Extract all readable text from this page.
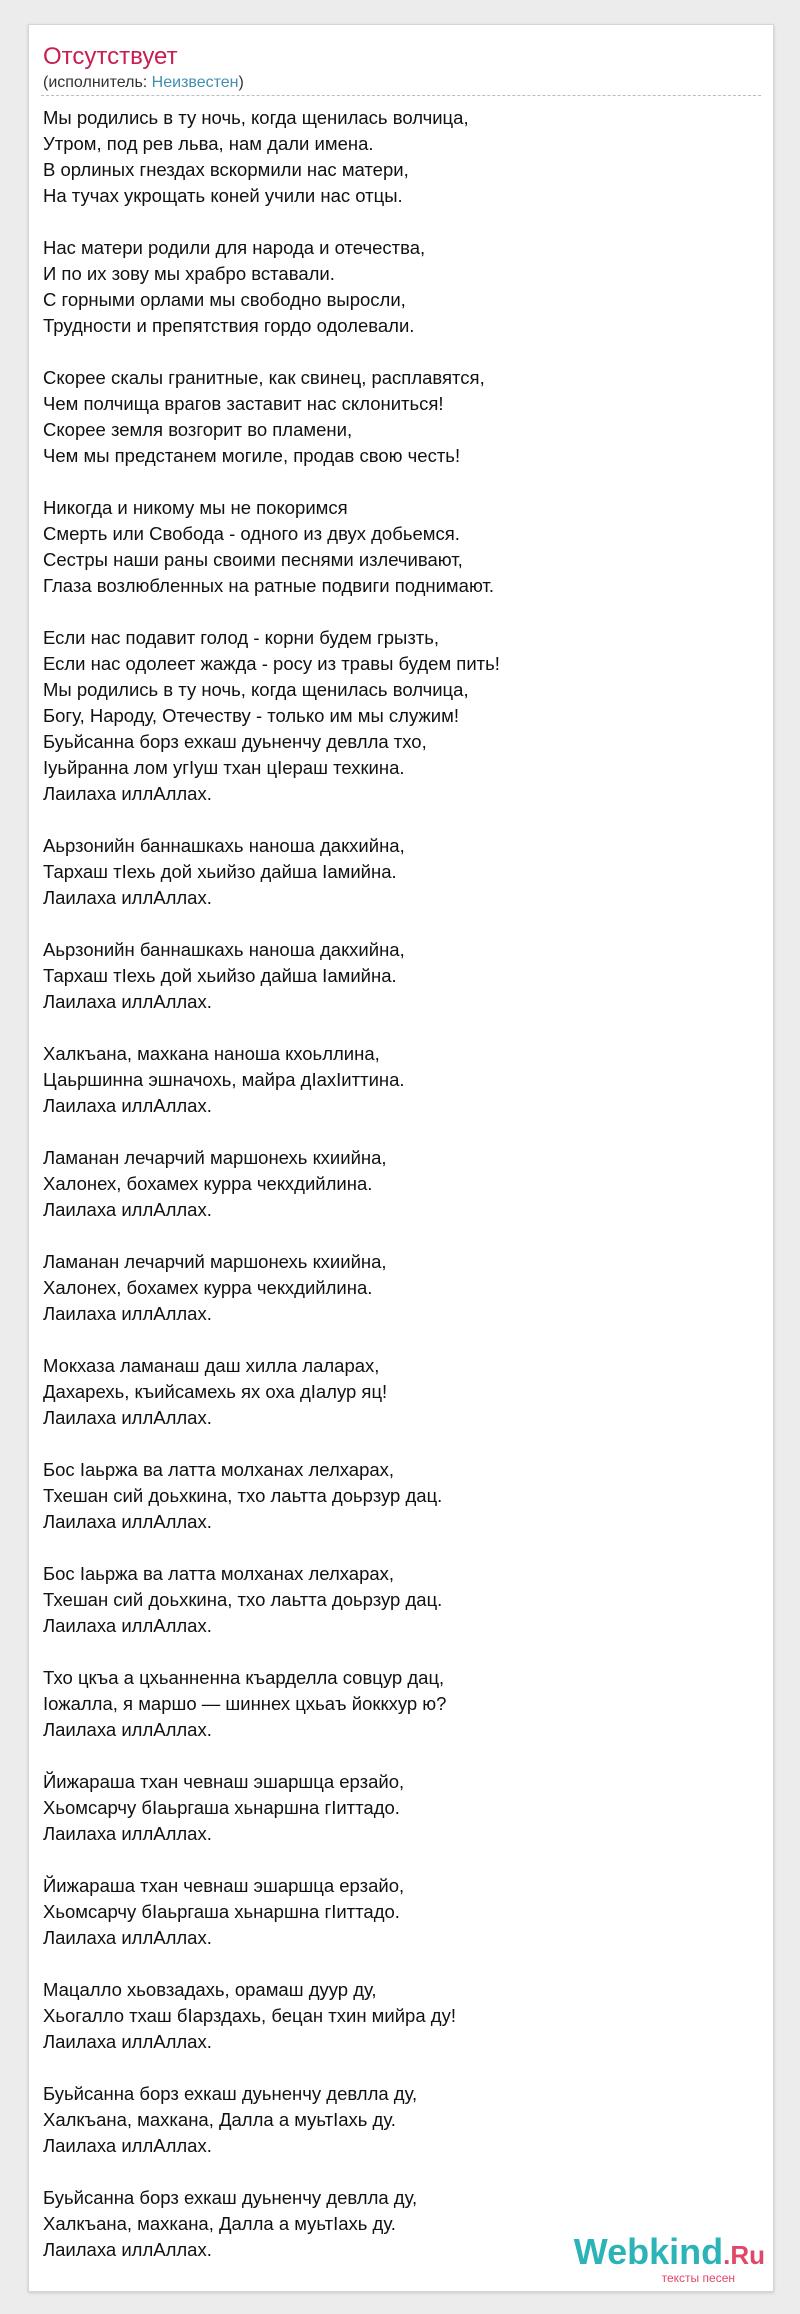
Отсутствует
(исполнитель: Неизвестен)
Мы родились в ту ночь, когда щенилась волчица,
Утром, под рев льва, нам дали имена.
В орлиных гнездах вскормили нас матери,
На тучах укрощать коней учили нас отцы.
Нас матери родили для народа и отечества,
И по их зову мы храбро вставали.
С горными орлами мы свободно выросли,
Трудности и препятствия гордо одолевали.
Скорее скалы гранитные, как свинец, расплавятся,
Чем полчища врагов заставит нас склониться!
Скорее земля возгорит во пламени,
Чем мы предстанем могиле, продав свою честь!
Никогда и никому мы не покоримся
Смерть или Свобода - одного из двух добьемся.
Сестры наши раны своими песнями излечивают,
Глаза возлюбленных на ратные подвиги поднимают.
Если нас подавит голод - корни будем грызть,
Если нас одолеет жажда - росу из травы будем пить!
Мы родились в ту ночь, когда щенилась волчица,
Богу, Народу, Отечеству - только им мы служим!
Буьйсанна борз ехкаш дуьненчу девлла тхо,
Iуьйранна лом угIуш тхан цIераш техкина.
Лаилаха иллАллах.
Аьрзонийн баннашкахь наноша дакхийна,
Тархаш тIехь дой хьийзо дайша Iамийна.
Лаилаха иллАллах.
Аьрзонийн баннашкахь наноша дакхийна,
Тархаш тIехь дой хьийзо дайша Iамийна.
Лаилаха иллАллах.
Халкъана, махкана наноша кхоьллина,
Цаьршинна эшначохь, майра дIахIиттина.
Лаилаха иллАллах.
Ламанан лечарчий маршонехь кхиийна,
Халонех, бохамех курра чекхдийлина.
Лаилаха иллАллах.
Ламанан лечарчий маршонехь кхиийна,
Халонех, бохамех курра чекхдийлина.
Лаилаха иллАллах.
Мокхаза ламанаш даш хилла лаларах,
Дахарехь, къийсамехь ях оха дIалур яц!
Лаилаха иллАллах.
Бос Iаьржа ва латта молханах лелхарах,
Тхешан сий доьхкина, тхо лаьтта доьрзур дац.
Лаилаха иллАллах.
Бос Iаьржа ва латта молханах лелхарах,
Тхешан сий доьхкина, тхо лаьтта доьрзур дац.
Лаилаха иллАллах.
Тхо цкъа а цхьанненна къарделла совцур дац,
Iожалла, я маршо — шиннех цхьаъ йоккхур ю?
Лаилаха иллАллах.
Йижараша тхан чевнаш эшаршца ерзайо,
Хьомсарчу бIаьргаша хьнаршна гIиттадо.
Лаилаха иллАллах.
Йижараша тхан чевнаш эшаршца ерзайо,
Хьомсарчу бIаьргаша хьнаршна гIиттадо.
Лаилаха иллАллах.
Мацалло хьовзадахь, орамаш дуур ду,
Хьогалло тхаш бIарздахь, бецан тхин мийра ду!
Лаилаха иллАллах.
Буьйсанна борз ехкаш дуьненчу девлла ду,
Халкъана, махкана, Далла а муьтIахь ду.
Лаилаха иллАллах.
Буьйсанна борз ехкаш дуьненчу девлла ду,
Халкъана, махкана, Далла а муьтIахь ду.
Лаилаха иллАллах.	Webkind.Ru
тексты песен
